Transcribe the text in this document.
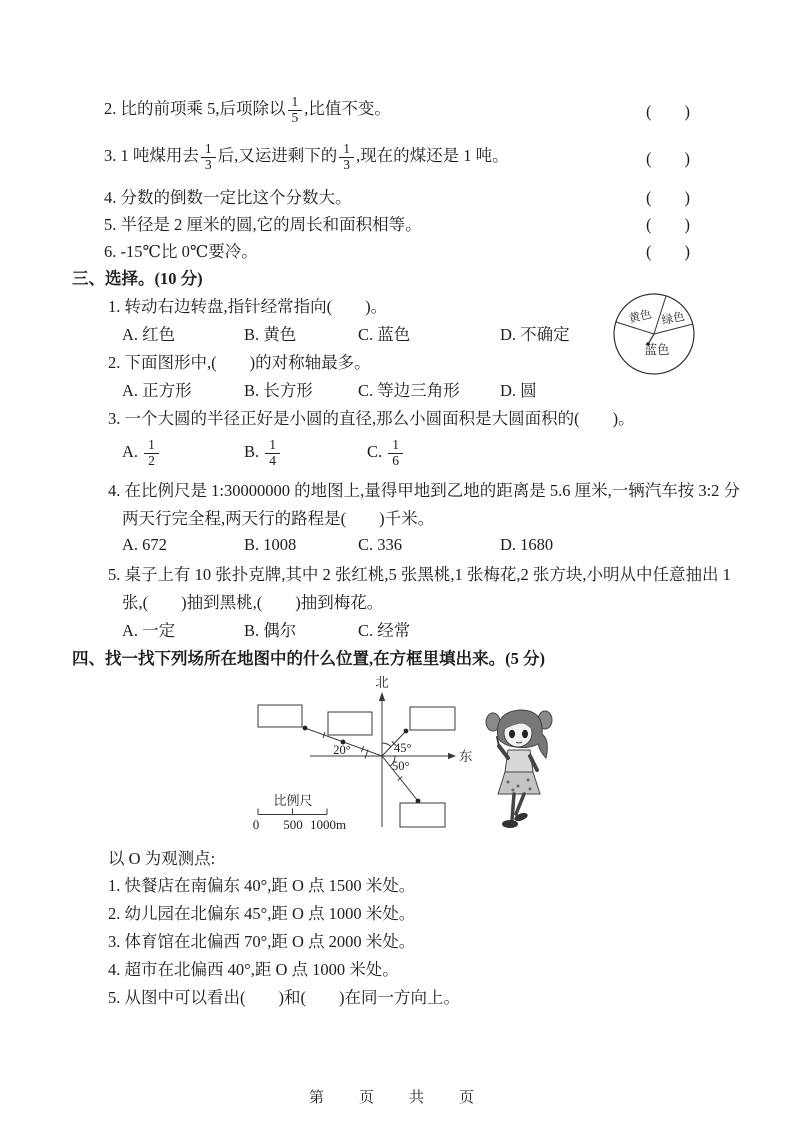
2. 比的前项乘 5,后项除以 $\frac{1}{5}$ ,比值不变。	(　　)
3. 1 吨煤用去 $\frac{1}{3}$ 后,又运进剩下的 $\frac{1}{3}$ ,现在的煤还是 1 吨。	(　　)
4. 分数的倒数一定比这个分数大。	(　　)
5. 半径是 2 厘米的圆,它的周长和面积相等。	(　　)
6. -15℃比 0℃要冷。	(　　)
三、选择。(10 分)
1. 转动右边转盘,指针经常指向(　　)。
A. 红色	B. 黄色	C. 蓝色	D. 不确定
2. 下面图形中,(　　)的对称轴最多。
A. 正方形	B. 长方形	C. 等边三角形	D. 圆
3. 一个大圆的半径正好是小圆的直径,那么小圆面积是大圆面积的(　　)。
A. $\frac{1}{2}$	B. $\frac{1}{4}$	C. $\frac{1}{6}$
4. 在比例尺是 1:30000000 的地图上,量得甲地到乙地的距离是 5.6 厘米,一辆汽车按 3:2 分
两天行完全程,两天行的路程是(　　)千米。
A. 672	B. 1008	C. 336	D. 1680
5. 桌子上有 10 张扑克牌,其中 2 张红桃,5 张黑桃,1 张梅花,2 张方块,小明从中任意抽出 1
张,(　　)抽到黑桃,(　　)抽到梅花。
A. 一定	B. 偶尔	C. 经常
四、找一找下列场所在地图中的什么位置,在方框里填出来。(5 分)
以 O 为观测点:
1. 快餐店在南偏东 40°,距 O 点 1500 米处。
2. 幼儿园在北偏东 45°,距 O 点 1000 米处。
3. 体育馆在北偏西 70°,距 O 点 2000 米处。
4. 超市在北偏西 40°,距 O 点 1000 米处。
5. 从图中可以看出(　　)和(　　)在同一方向上。
黄色 绿色
蓝色
北
东
20°	45°
50°
比例尺
0 500 1000m
第　页　共　页
